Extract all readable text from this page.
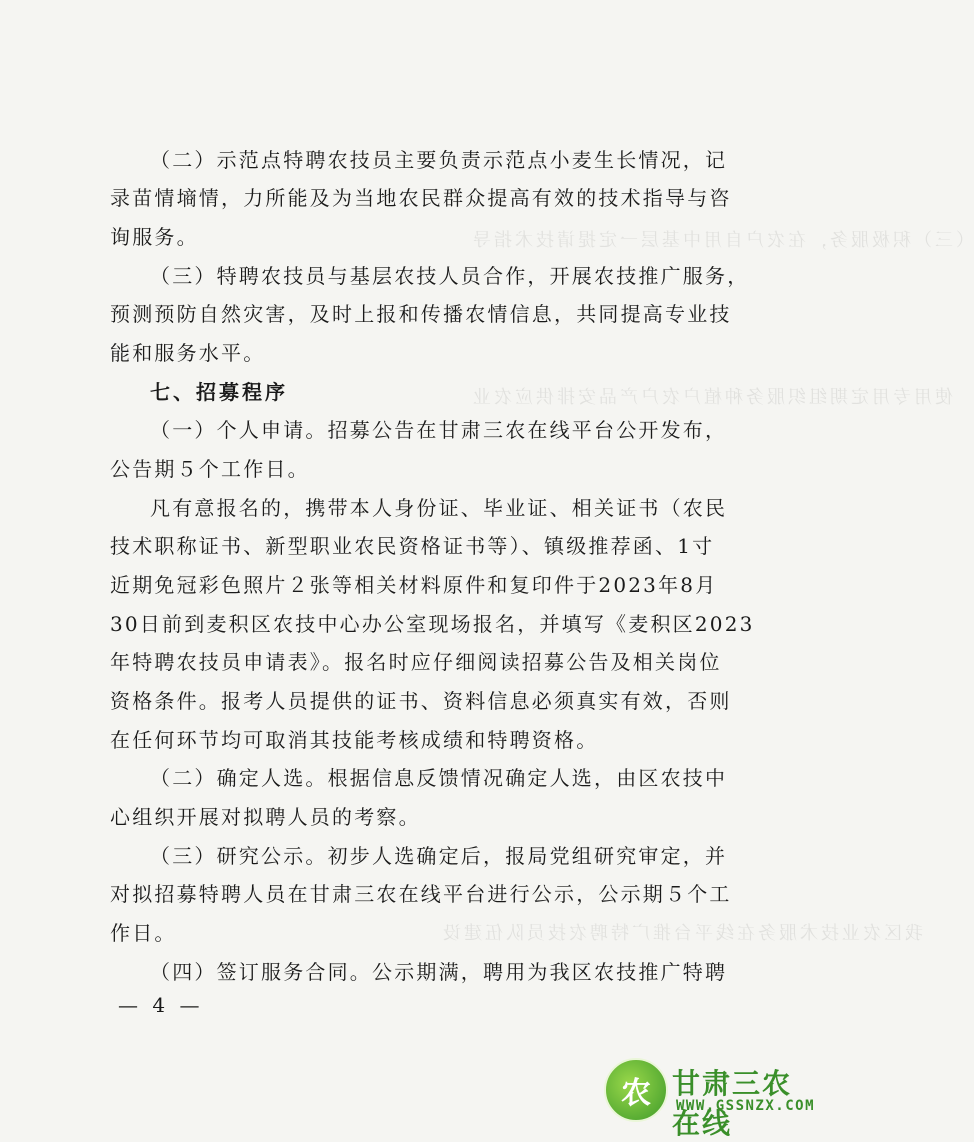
（三）积极服务，在农户自用中基层一定提请技术指导
使用专用定期组织服务种植户农户产品安排供应农业
我区农业技术服务在线平台推广特聘农技员队伍建设
（二）示范点特聘农技员主要负责示范点小麦生长情况，记
录苗情墒情，力所能及为当地农民群众提高有效的技术指导与咨
询服务。
（三）特聘农技员与基层农技人员合作，开展农技推广服务，
预测预防自然灾害，及时上报和传播农情信息，共同提高专业技
能和服务水平。
七、招募程序
（一）个人申请。招募公告在甘肃三农在线平台公开发布，
公告期５个工作日。
凡有意报名的，携带本人身份证、毕业证、相关证书（农民
技术职称证书、新型职业农民资格证书等）、镇级推荐函、1寸
近期免冠彩色照片２张等相关材料原件和复印件于2023年8月
30日前到麦积区农技中心办公室现场报名，并填写《麦积区2023
年特聘农技员申请表》。报名时应仔细阅读招募公告及相关岗位
资格条件。报考人员提供的证书、资料信息必须真实有效，否则
在任何环节均可取消其技能考核成绩和特聘资格。
（二）确定人选。根据信息反馈情况确定人选，由区农技中
心组织开展对拟聘人员的考察。
（三）研究公示。初步人选确定后，报局党组研究审定，并
对拟招募特聘人员在甘肃三农在线平台进行公示，公示期５个工
作日。
（四）签订服务合同。公示期满，聘用为我区农技推广特聘
— 4 —
农 甘肃三农在线
WWW.GSSNZX.COM
